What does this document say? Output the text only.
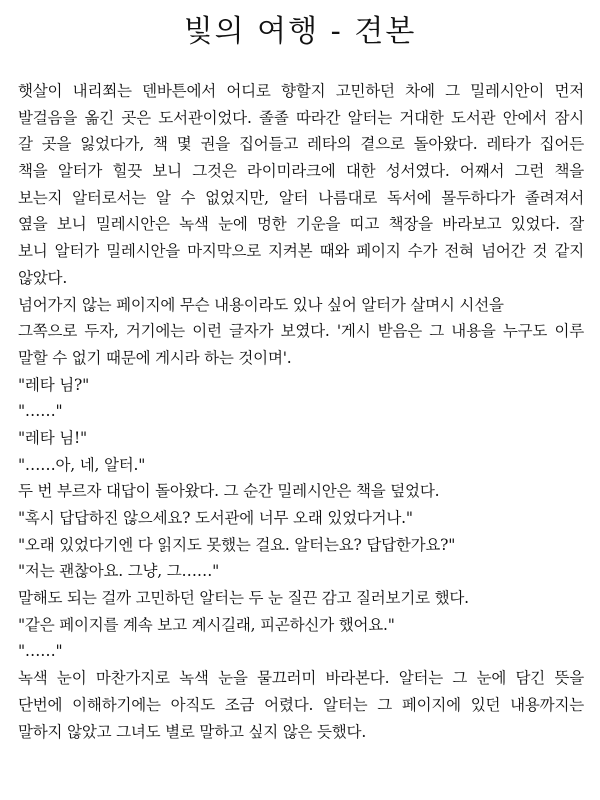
빛의 여행 - 견본
햇살이 내리쬐는 덴바튼에서 어디로 향할지 고민하던 차에 그 밀레시안이 먼저
발걸음을 옮긴 곳은 도서관이었다. 졸졸 따라간 알터는 거대한 도서관 안에서 잠시
갈 곳을 잃었다가, 책 몇 권을 집어들고 레타의 곁으로 돌아왔다. 레타가 집어든
책을 알터가 힐끗 보니 그것은 라이미라크에 대한 성서였다. 어째서 그런 책을
보는지 알터로서는 알 수 없었지만, 알터 나름대로 독서에 몰두하다가 졸려져서
옆을 보니 밀레시안은 녹색 눈에 멍한 기운을 띠고 책장을 바라보고 있었다. 잘
보니 알터가 밀레시안을 마지막으로 지켜본 때와 페이지 수가 전혀 넘어간 것 같지
않았다.
넘어가지 않는 페이지에 무슨 내용이라도 있나 싶어 알터가 살며시 시선을
그쪽으로 두자, 거기에는 이런 글자가 보였다. '게시 받음은 그 내용을 누구도 이루
말할 수 없기 때문에 게시라 하는 것이며'.
"레타 님?"
"……"
"레타 님!"
"……아, 네, 알터."
두 번 부르자 대답이 돌아왔다. 그 순간 밀레시안은 책을 덮었다.
"혹시 답답하진 않으세요? 도서관에 너무 오래 있었다거나."
"오래 있었다기엔 다 읽지도 못했는 걸요. 알터는요? 답답한가요?"
"저는 괜찮아요. 그냥, 그……"
말해도 되는 걸까 고민하던 알터는 두 눈 질끈 감고 질러보기로 했다.
"같은 페이지를 계속 보고 계시길래, 피곤하신가 했어요."
"……"
녹색 눈이 마찬가지로 녹색 눈을 물끄러미 바라본다. 알터는 그 눈에 담긴 뜻을
단번에 이해하기에는 아직도 조금 어렸다. 알터는 그 페이지에 있던 내용까지는
말하지 않았고 그녀도 별로 말하고 싶지 않은 듯했다.
